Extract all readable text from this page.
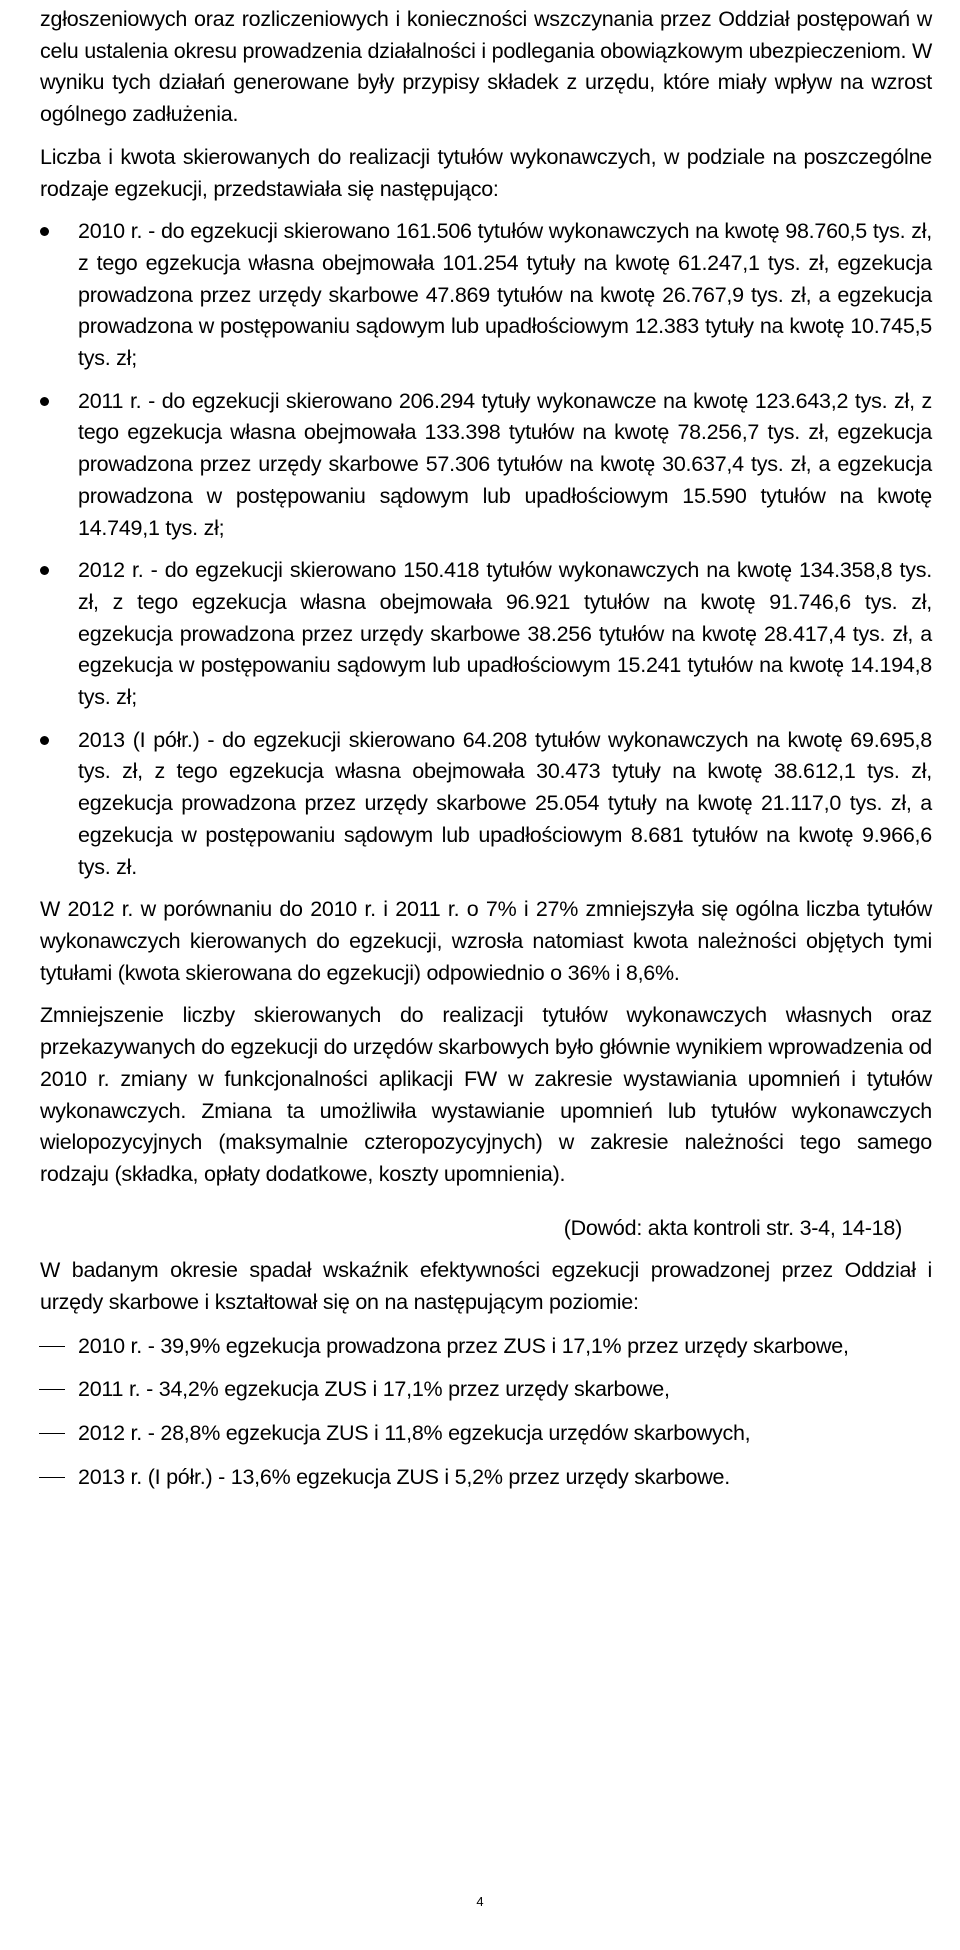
zgłoszeniowych oraz rozliczeniowych i konieczności wszczynania przez Oddział postępowań w celu ustalenia okresu prowadzenia działalności i podlegania obowiązkowym ubezpieczeniom. W wyniku tych działań generowane były przypisy składek z urzędu, które miały wpływ na wzrost ogólnego zadłużenia.

Liczba i kwota skierowanych do realizacji tytułów wykonawczych, w podziale na poszczególne rodzaje egzekucji, przedstawiała się następująco:

2010 r. - do egzekucji skierowano 161.506 tytułów wykonawczych na kwotę 98.760,5 tys. zł, z tego egzekucja własna obejmowała 101.254 tytuły na kwotę 61.247,1 tys. zł, egzekucja prowadzona przez urzędy skarbowe 47.869 tytułów na kwotę 26.767,9 tys. zł, a egzekucja prowadzona w postępowaniu sądowym lub upadłościowym 12.383 tytuły na kwotę 10.745,5 tys. zł;
2011 r. - do egzekucji skierowano 206.294 tytuły wykonawcze na kwotę 123.643,2 tys. zł, z tego egzekucja własna obejmowała 133.398 tytułów na kwotę 78.256,7 tys. zł, egzekucja prowadzona przez urzędy skarbowe 57.306 tytułów na kwotę 30.637,4 tys. zł, a egzekucja prowadzona w postępowaniu sądowym lub upadłościowym 15.590 tytułów na kwotę 14.749,1 tys. zł;
2012 r. - do egzekucji skierowano 150.418 tytułów wykonawczych na kwotę 134.358,8 tys. zł, z tego egzekucja własna obejmowała 96.921 tytułów na kwotę 91.746,6 tys. zł, egzekucja prowadzona przez urzędy skarbowe 38.256 tytułów na kwotę 28.417,4 tys. zł, a egzekucja w postępowaniu sądowym lub upadłościowym 15.241 tytułów na kwotę 14.194,8 tys. zł;
2013 (I półr.) - do egzekucji skierowano 64.208 tytułów wykonawczych na kwotę 69.695,8 tys. zł, z tego egzekucja własna obejmowała 30.473 tytuły na kwotę 38.612,1 tys. zł, egzekucja prowadzona przez urzędy skarbowe 25.054 tytuły na kwotę 21.117,0 tys. zł, a egzekucja w postępowaniu sądowym lub upadłościowym 8.681 tytułów na kwotę 9.966,6 tys. zł.

W 2012 r. w porównaniu do 2010 r. i 2011 r. o 7% i 27% zmniejszyła się ogólna liczba tytułów wykonawczych kierowanych do egzekucji, wzrosła natomiast kwota należności objętych tymi tytułami (kwota skierowana do egzekucji) odpowiednio o 36% i 8,6%.

Zmniejszenie liczby skierowanych do realizacji tytułów wykonawczych własnych oraz przekazywanych do egzekucji do urzędów skarbowych było głównie wynikiem wprowadzenia od 2010 r. zmiany w funkcjonalności aplikacji FW w zakresie wystawiania upomnień i tytułów wykonawczych. Zmiana ta umożliwiła wystawianie upomnień lub tytułów wykonawczych wielopozycyjnych (maksymalnie czteropozycyjnych) w zakresie należności tego samego rodzaju (składka, opłaty dodatkowe, koszty upomnienia).

(Dowód: akta kontroli str. 3-4, 14-18)

W badanym okresie spadał wskaźnik efektywności egzekucji prowadzonej przez Oddział i urzędy skarbowe i kształtował się on na następującym poziomie:

2010 r. - 39,9% egzekucja prowadzona przez ZUS i 17,1% przez urzędy skarbowe,
2011 r. - 34,2% egzekucja ZUS i 17,1% przez urzędy skarbowe,
2012 r. - 28,8% egzekucja ZUS i 11,8% egzekucja urzędów skarbowych,
2013 r. (I półr.) - 13,6% egzekucja ZUS i 5,2% przez urzędy skarbowe.
4
